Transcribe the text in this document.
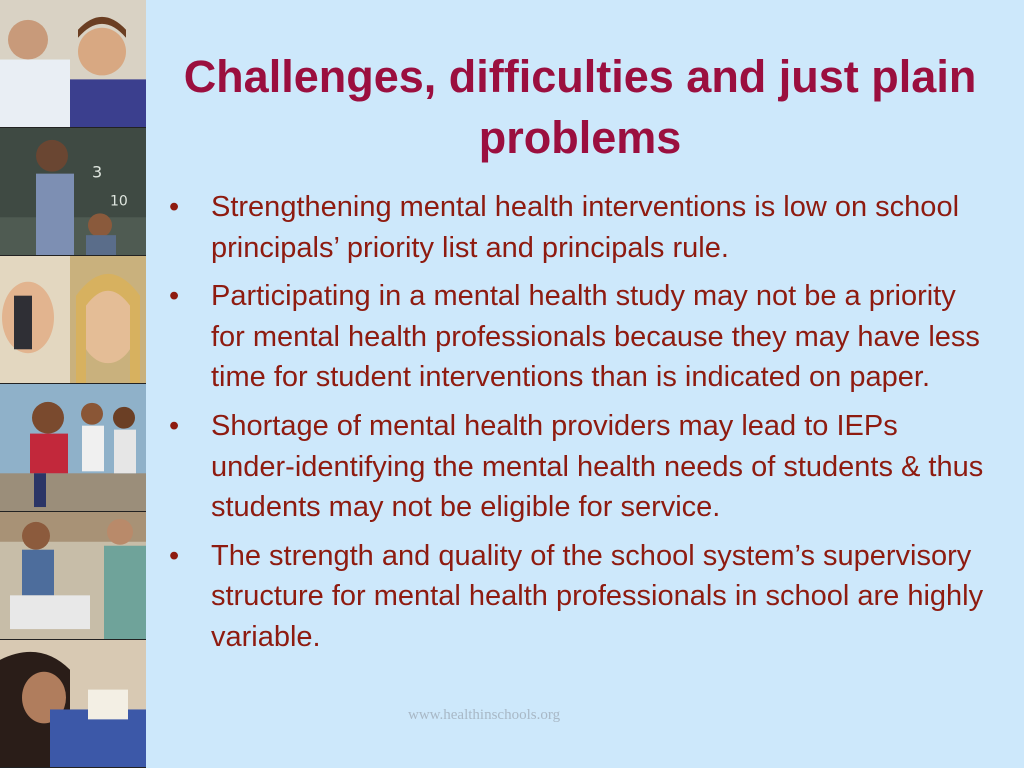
3
10
Challenges, difficulties and just plain problems
• Strengthening mental health interventions is low on school principals’ priority list and principals rule.
• Participating in a mental health study may not be a priority for mental health professionals because they may have less time for student interventions than is indicated on paper.
• Shortage of mental health providers may lead to IEPs under-identifying the mental health needs of students & thus students may not be eligible for service.
• The strength and quality of the school system’s supervisory structure for mental health professionals in school are highly variable.
www.healthinschools.org
